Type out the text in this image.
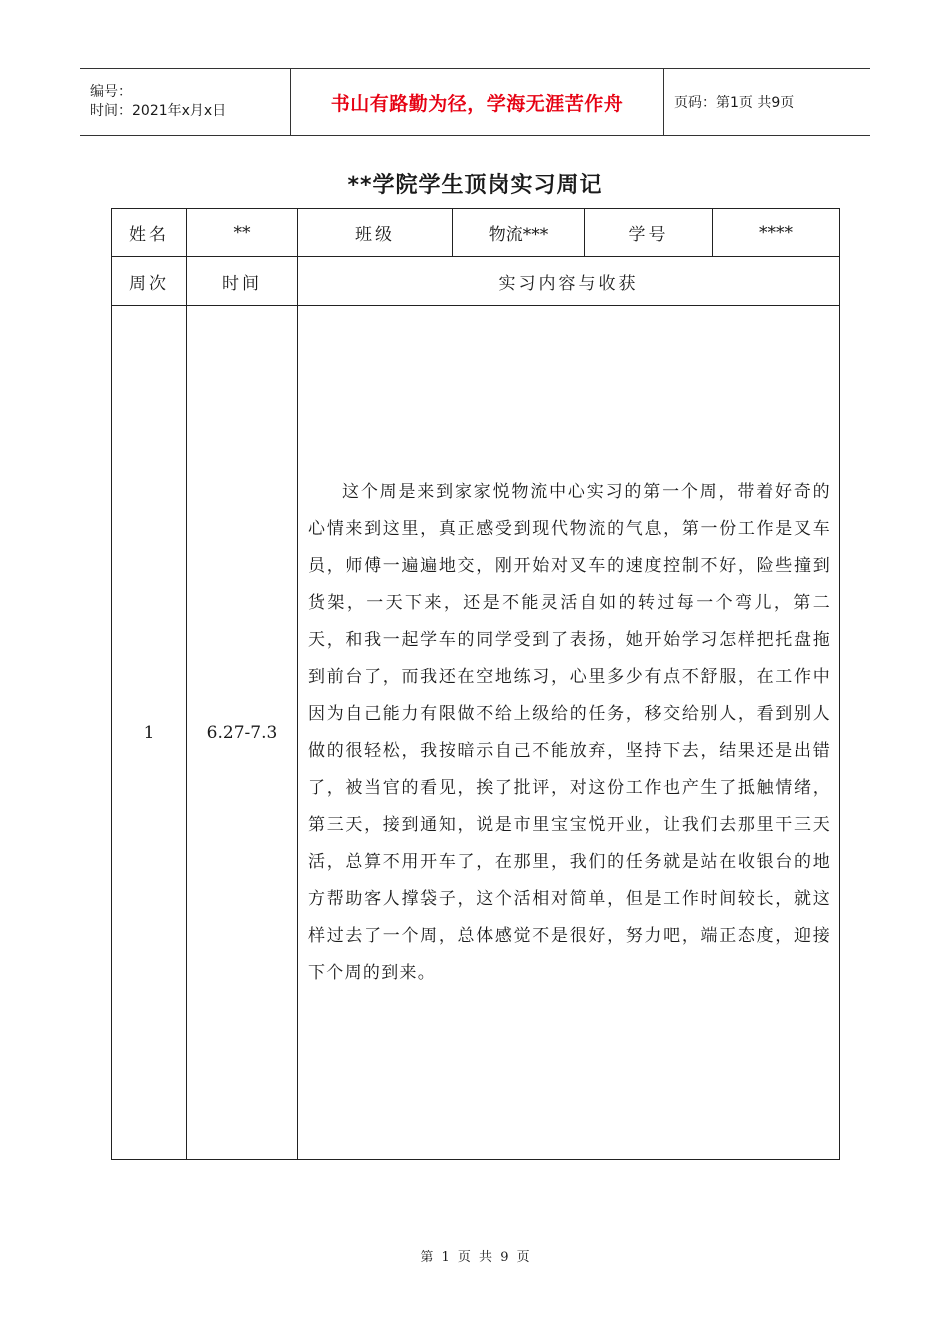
编号：
时间：2021年x月x日	书山有路勤为径，学海无涯苦作舟	页码：第1页 共9页
**学院学生顶岗实习周记
姓名	**	班级	物流***	学号	****
周次	时间	实习内容与收获			
1	6.27-7.3	这个周是来到家家悦物流中心实习的第一个周，带着好奇的心情来到这里，真正感受到现代物流的气息，第一份工作是叉车员，师傅一遍遍地交，刚开始对叉车的速度控制不好，险些撞到货架，一天下来，还是不能灵活自如的转过每一个弯儿，第二天，和我一起学车的同学受到了表扬，她开始学习怎样把托盘拖到前台了，而我还在空地练习，心里多少有点不舒服，在工作中因为自己能力有限做不给上级给的任务，移交给别人，看到别人做的很轻松，我按暗示自己不能放弃，坚持下去，结果还是出错了，被当官的看见，挨了批评，对这份工作也产生了抵触情绪，第三天，接到通知，说是市里宝宝悦开业，让我们去那里干三天活，总算不用开车了，在那里，我们的任务就是站在收银台的地方帮助客人撑袋子，这个活相对简单，但是工作时间较长，就这样过去了一个周，总体感觉不是很好，努力吧，端正态度，迎接下个周的到来。			

第 1 页 共 9 页
